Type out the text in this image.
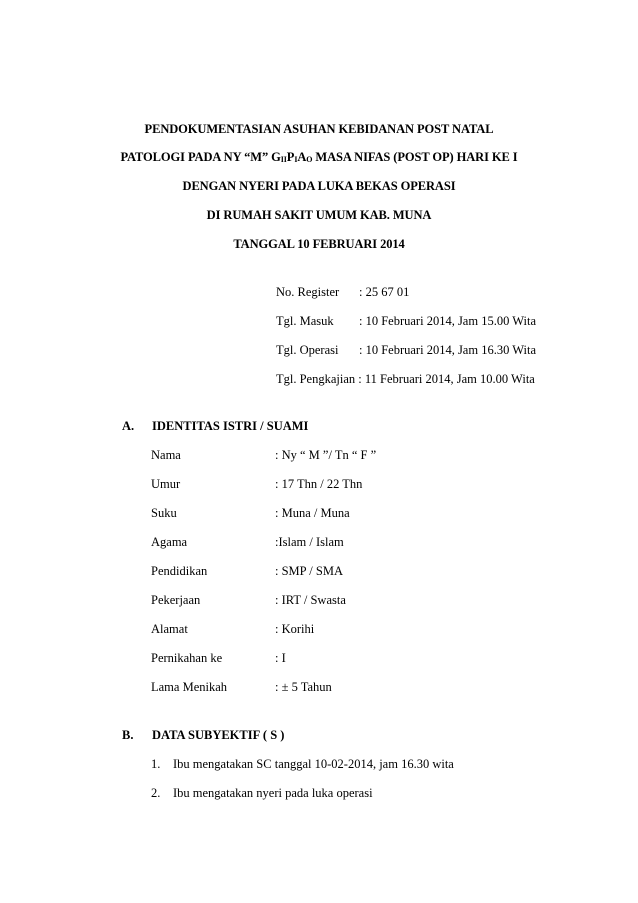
PENDOKUMENTASIAN ASUHAN KEBIDANAN POST NATAL
PATOLOGI PADA NY “M” $G_{II}P_IA_O$ MASA NIFAS (POST OP) HARI KE I
DENGAN NYERI PADA LUKA BEKAS OPERASI
DI RUMAH SAKIT UMUM KAB. MUNA
TANGGAL 10 FEBRUARI 2014
No. Register : 25 67 01
Tgl. Masuk : 10 Februari 2014, Jam 15.00 Wita
Tgl. Operasi : 10 Februari 2014, Jam 16.30 Wita
Tgl. Pengkajian : 11 Februari 2014, Jam 10.00 Wita
A. IDENTITAS ISTRI / SUAMI
Nama	: Ny “ M ”/ Tn “ F ”
Umur	: 17 Thn / 22 Thn
Suku	: Muna / Muna
Agama	:Islam / Islam
Pendidikan	: SMP / SMA
Pekerjaan	: IRT / Swasta
Alamat	: Korihi
Pernikahan ke	: I
Lama Menikah	: ± 5 Tahun
B. DATA SUBYEKTIF ( S )
1. Ibu mengatakan SC tanggal 10-02-2014, jam 16.30 wita
2. Ibu mengatakan nyeri pada luka operasi
